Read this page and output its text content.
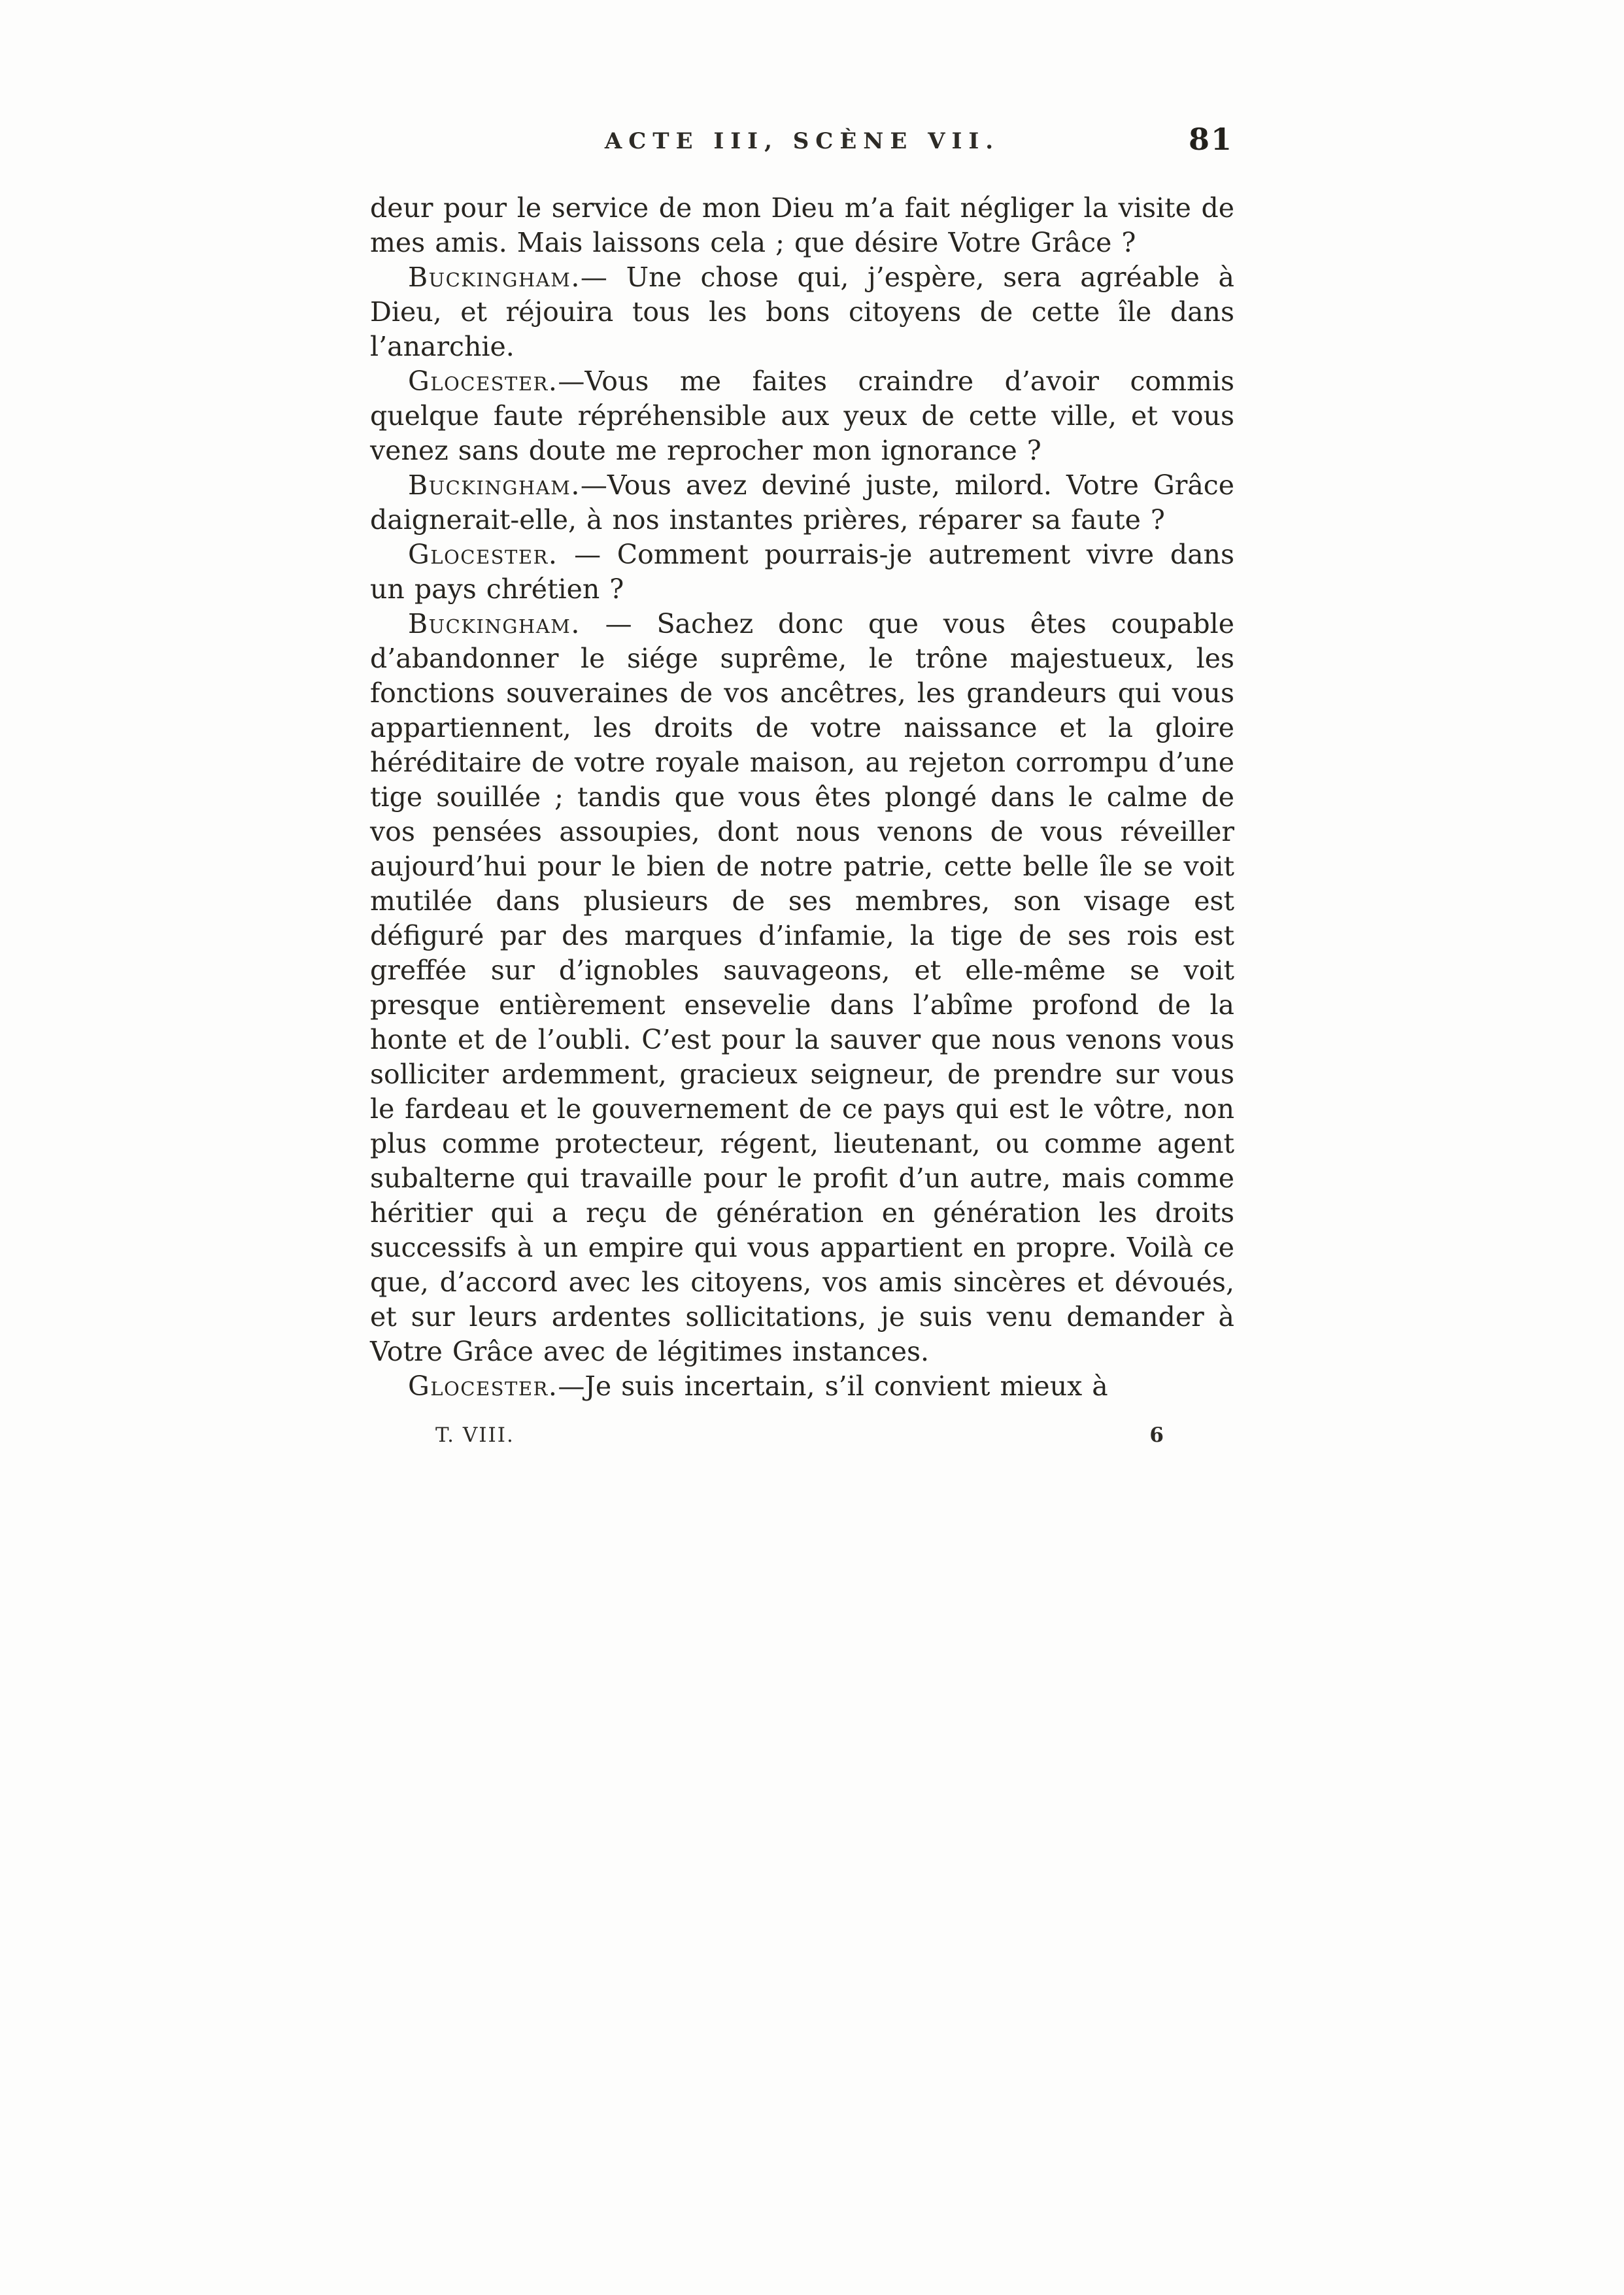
ACTE III, SCÈNE VII.	81

deur pour le service de mon Dieu m’a fait négliger la visite de mes amis. Mais laissons cela ; que désire Votre Grâce ?

Buckingham.— Une chose qui, j’espère, sera agréable à Dieu, et réjouira tous les bons citoyens de cette île dans l’anarchie.

Glocester.—Vous me faites craindre d’avoir commis quelque faute répréhensible aux yeux de cette ville, et vous venez sans doute me reprocher mon ignorance ?

Buckingham.—Vous avez deviné juste, milord. Votre Grâce daignerait-elle, à nos instantes prières, réparer sa faute ?

Glocester. — Comment pourrais-je autrement vivre dans un pays chrétien ?

Buckingham. — Sachez donc que vous êtes coupable d’abandonner le siége suprême, le trône majestueux, les fonctions souveraines de vos ancêtres, les grandeurs qui vous appartiennent, les droits de votre naissance et la gloire héréditaire de votre royale maison, au rejeton corrompu d’une tige souillée ; tandis que vous êtes plongé dans le calme de vos pensées assoupies, dont nous venons de vous réveiller aujourd’hui pour le bien de notre patrie, cette belle île se voit mutilée dans plusieurs de ses membres, son visage est défiguré par des marques d’infamie, la tige de ses rois est greffée sur d’ignobles sauvageons, et elle-même se voit presque entièrement ensevelie dans l’abîme profond de la honte et de l’oubli. C’est pour la sauver que nous venons vous solliciter ardemment, gracieux seigneur, de prendre sur vous le fardeau et le gouvernement de ce pays qui est le vôtre, non plus comme protecteur, régent, lieutenant, ou comme agent subalterne qui travaille pour le profit d’un autre, mais comme héritier qui a reçu de génération en génération les droits successifs à un empire qui vous appartient en propre. Voilà ce que, d’accord avec les citoyens, vos amis sincères et dévoués, et sur leurs ardentes sollicitations, je suis venu demander à Votre Grâce avec de légitimes instances.

Glocester.—Je suis incertain, s’il convient mieux à

T. VIII.	6
